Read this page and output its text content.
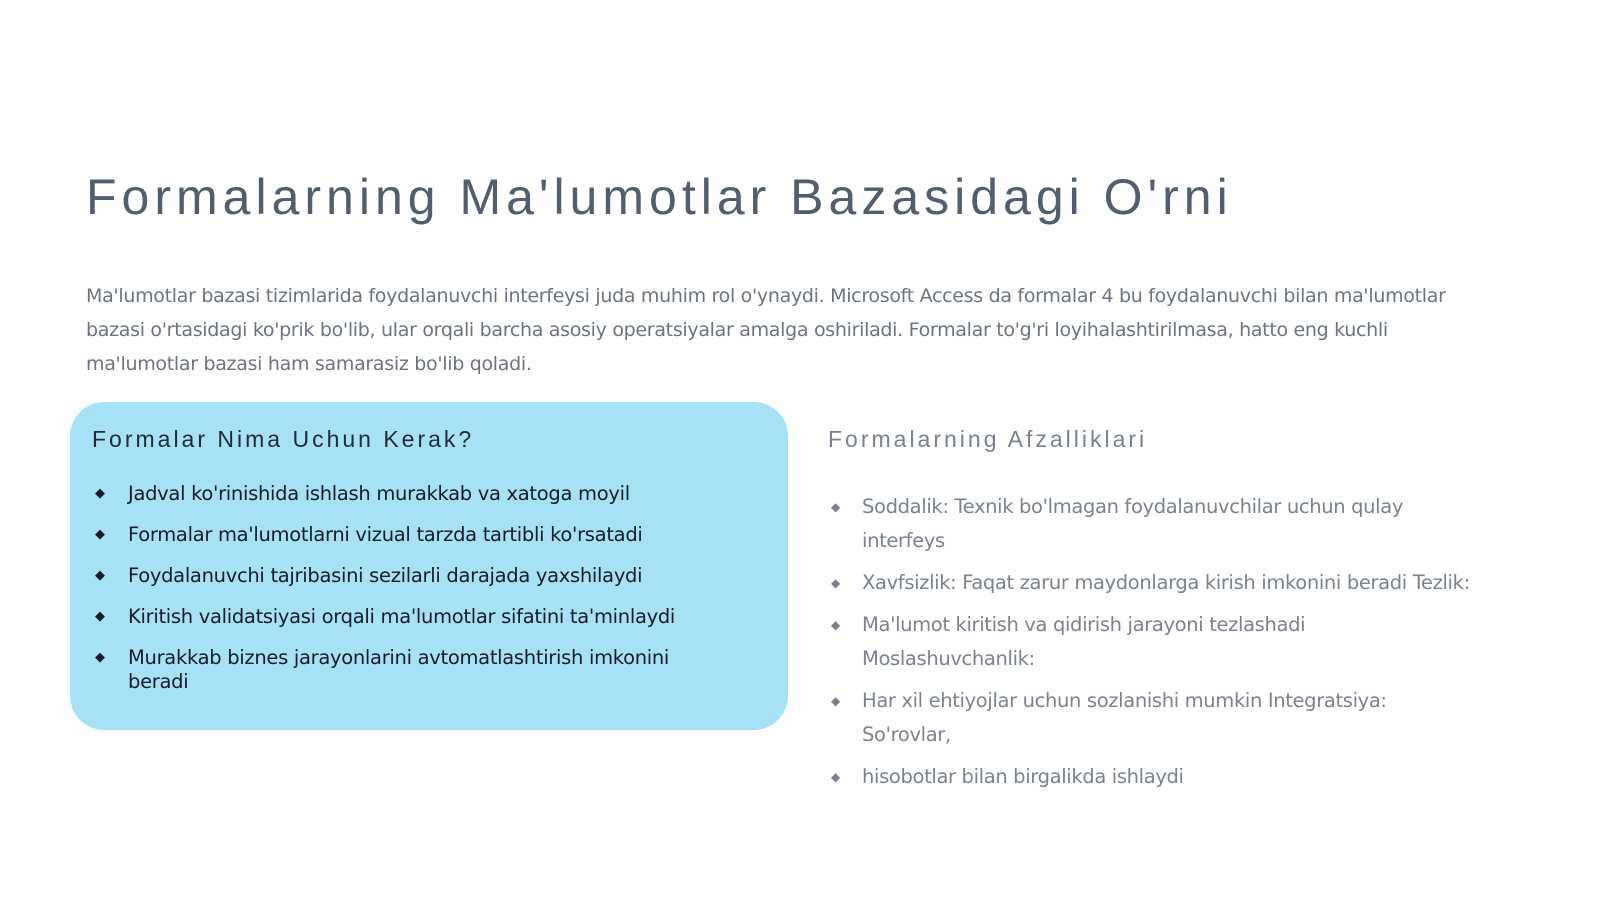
Formalarning Ma'lumotlar Bazasidagi O'rni

Ma'lumotlar bazasi tizimlarida foydalanuvchi interfeysi juda muhim rol o'ynaydi. Microsoft Access da formalar 4 bu foydalanuvchi bilan ma'lumotlar bazasi o'rtasidagi ko'prik bo'lib, ular orqali barcha asosiy operatsiyalar amalga oshiriladi. Formalar to'g'ri loyihalashtirilmasa, hatto eng kuchli ma'lumotlar bazasi ham samarasiz bo'lib qoladi.

Formalar Nima Uchun Kerak?
◆ Jadval ko'rinishida ishlash murakkab va xatoga moyil
◆ Formalar ma'lumotlarni vizual tarzda tartibli ko'rsatadi
◆ Foydalanuvchi tajribasini sezilarli darajada yaxshilaydi
◆ Kiritish validatsiyasi orqali ma'lumotlar sifatini ta'minlaydi
◆ Murakkab biznes jarayonlarini avtomatlashtirish imkonini beradi
Formalarning Afzalliklari
◆ Soddalik: Texnik bo'lmagan foydalanuvchilar uchun qulay interfeys
◆ Xavfsizlik: Faqat zarur maydonlarga kirish imkonini beradi Tezlik:
◆ Ma'lumot kiritish va qidirish jarayoni tezlashadi Moslashuvchanlik:
◆ Har xil ehtiyojlar uchun sozlanishi mumkin Integratsiya: So'rovlar,
◆ hisobotlar bilan birgalikda ishlaydi
